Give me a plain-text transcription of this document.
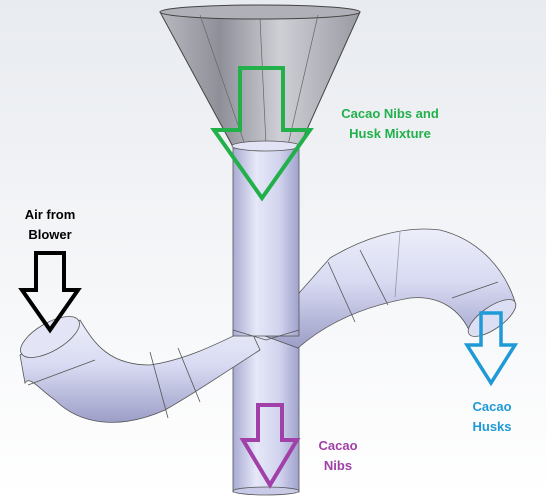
Cacao Nibs and
Husk Mixture
Air from
Blower
Cacao
Nibs
Cacao
Husks
